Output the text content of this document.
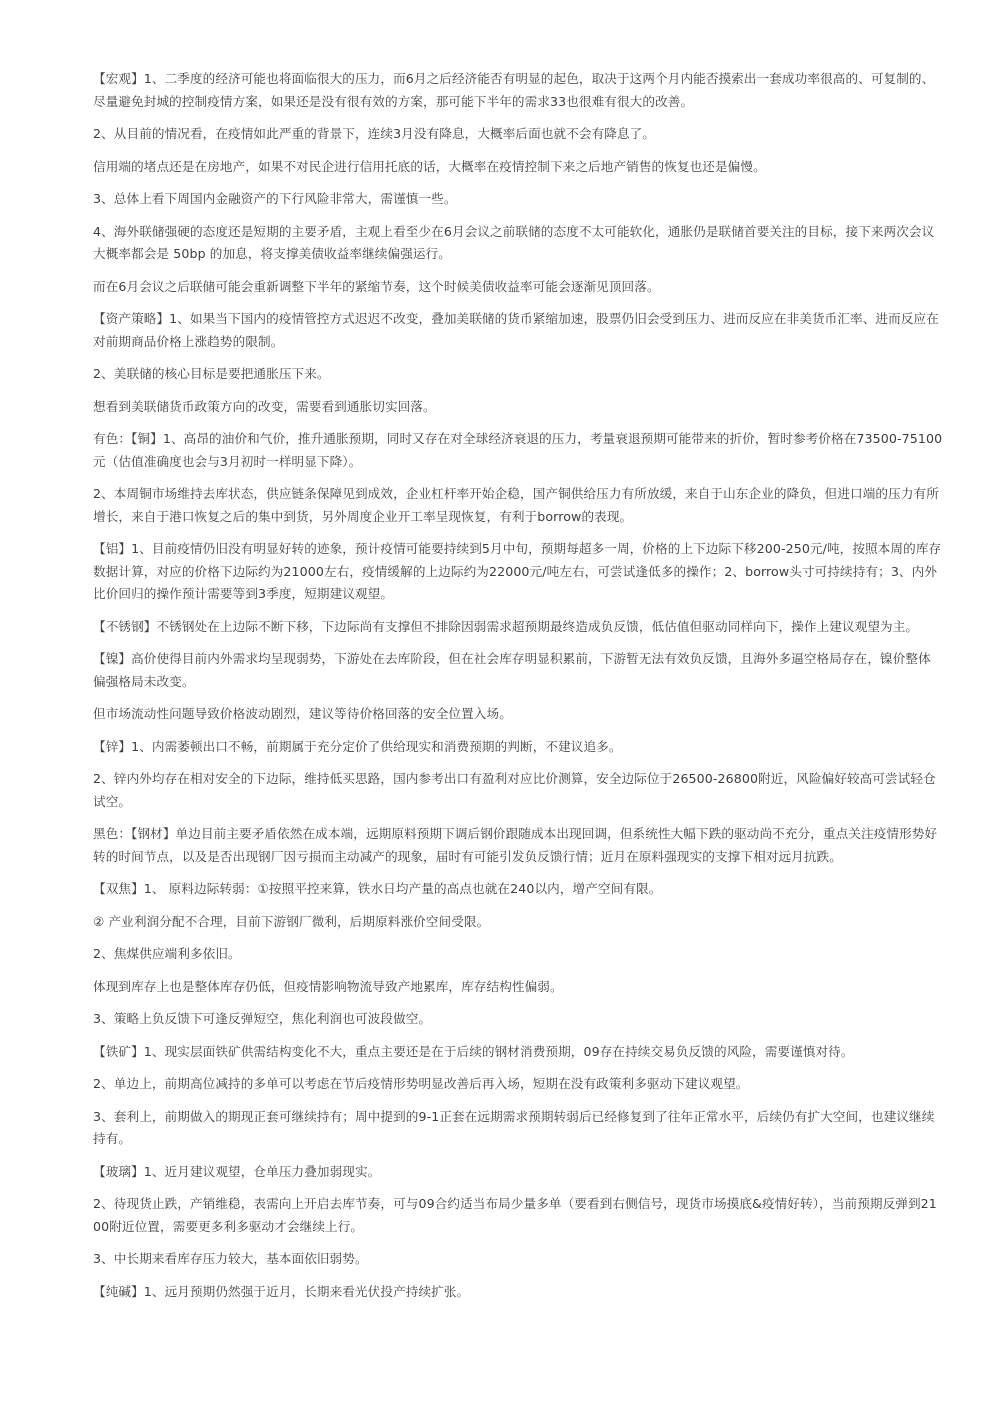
【宏观】1、二季度的经济可能也将面临很大的压力，而6月之后经济能否有明显的起色，取决于这两个月内能否摸索出一套成功率很高的、可复制的、尽量避免封城的控制疫情方案，如果还是没有很有效的方案，那可能下半年的需求33也很难有很大的改善。

2、从目前的情况看，在疫情如此严重的背景下，连续3月没有降息，大概率后面也就不会有降息了。

信用端的堵点还是在房地产，如果不对民企进行信用托底的话，大概率在疫情控制下来之后地产销售的恢复也还是偏慢。

3、总体上看下周国内金融资产的下行风险非常大，需谨慎一些。

4、海外联储强硬的态度还是短期的主要矛盾，主观上看至少在6月会议之前联储的态度不太可能软化，通胀仍是联储首要关注的目标，接下来两次会议大概率都会是 50bp 的加息，将支撑美债收益率继续偏强运行。

而在6月会议之后联储可能会重新调整下半年的紧缩节奏，这个时候美债收益率可能会逐渐见顶回落。

【资产策略】1、如果当下国内的疫情管控方式迟迟不改变，叠加美联储的货币紧缩加速，股票仍旧会受到压力、进而反应在非美货币汇率、进而反应在对前期商品价格上涨趋势的限制。

2、美联储的核心目标是要把通胀压下来。

想看到美联储货币政策方向的改变，需要看到通胀切实回落。

有色：【铜】1、高昂的油价和气价，推升通胀预期，同时又存在对全球经济衰退的压力，考量衰退预期可能带来的折价，暂时参考价格在73500-75100元（估值准确度也会与3月初时一样明显下降）。

2、本周铜市场维持去库状态，供应链条保障见到成效，企业杠杆率开始企稳，国产铜供给压力有所放缓，来自于山东企业的降负，但进口端的压力有所增长，来自于港口恢复之后的集中到货，另外周度企业开工率呈现恢复，有利于borrow的表现。

【铝】1、目前疫情仍旧没有明显好转的迹象，预计疫情可能要持续到5月中旬，预期每超多一周，价格的上下边际下移200-250元/吨，按照本周的库存数据计算，对应的价格下边际约为21000左右，疫情缓解的上边际约为22000元/吨左右，可尝试逢低多的操作；2、borrow头寸可持续持有；3、内外比价回归的操作预计需要等到3季度，短期建议观望。

【不锈钢】不锈钢处在上边际不断下移，下边际尚有支撑但不排除因弱需求超预期最终造成负反馈，低估值但驱动同样向下，操作上建议观望为主。

【镍】高价使得目前内外需求均呈现弱势，下游处在去库阶段，但在社会库存明显积累前，下游暂无法有效负反馈，且海外多逼空格局存在，镍价整体偏强格局未改变。

但市场流动性问题导致价格波动剧烈，建议等待价格回落的安全位置入场。

【锌】1、内需萎顿出口不畅，前期属于充分定价了供给现实和消费预期的判断，不建议追多。

2、锌内外均存在相对安全的下边际，维持低买思路，国内参考出口有盈利对应比价测算，安全边际位于26500-26800附近，风险偏好较高可尝试轻仓试空。

黑色：【钢材】单边目前主要矛盾依然在成本端，远期原料预期下调后钢价跟随成本出现回调，但系统性大幅下跌的驱动尚不充分，重点关注疫情形势好转的时间节点，以及是否出现钢厂因亏损而主动减产的现象，届时有可能引发负反馈行情；近月在原料强现实的支撑下相对远月抗跌。

【双焦】1、 原料边际转弱：①按照平控来算，铁水日均产量的高点也就在240以内，增产空间有限。

② 产业利润分配不合理，目前下游钢厂微利，后期原料涨价空间受限。

2、焦煤供应端利多依旧。

体现到库存上也是整体库存仍低，但疫情影响物流导致产地累库，库存结构性偏弱。

3、策略上负反馈下可逢反弹短空，焦化利润也可波段做空。

【铁矿】1、现实层面铁矿供需结构变化不大，重点主要还是在于后续的钢材消费预期，09存在持续交易负反馈的风险，需要谨慎对待。

2、单边上，前期高位减持的多单可以考虑在节后疫情形势明显改善后再入场，短期在没有政策利多驱动下建议观望。

3、套利上，前期做入的期现正套可继续持有；周中提到的9-1正套在远期需求预期转弱后已经修复到了往年正常水平，后续仍有扩大空间，也建议继续持有。

【玻璃】1、近月建议观望，仓单压力叠加弱现实。

2、待现货止跌，产销维稳，表需向上开启去库节奏，可与09合约适当布局少量多单（要看到右侧信号，现货市场摸底&疫情好转），当前预期反弹到2100附近位置，需要更多利多驱动才会继续上行。

3、中长期来看库存压力较大，基本面依旧弱势。

【纯碱】1、远月预期仍然强于近月，长期来看光伏投产持续扩张。
